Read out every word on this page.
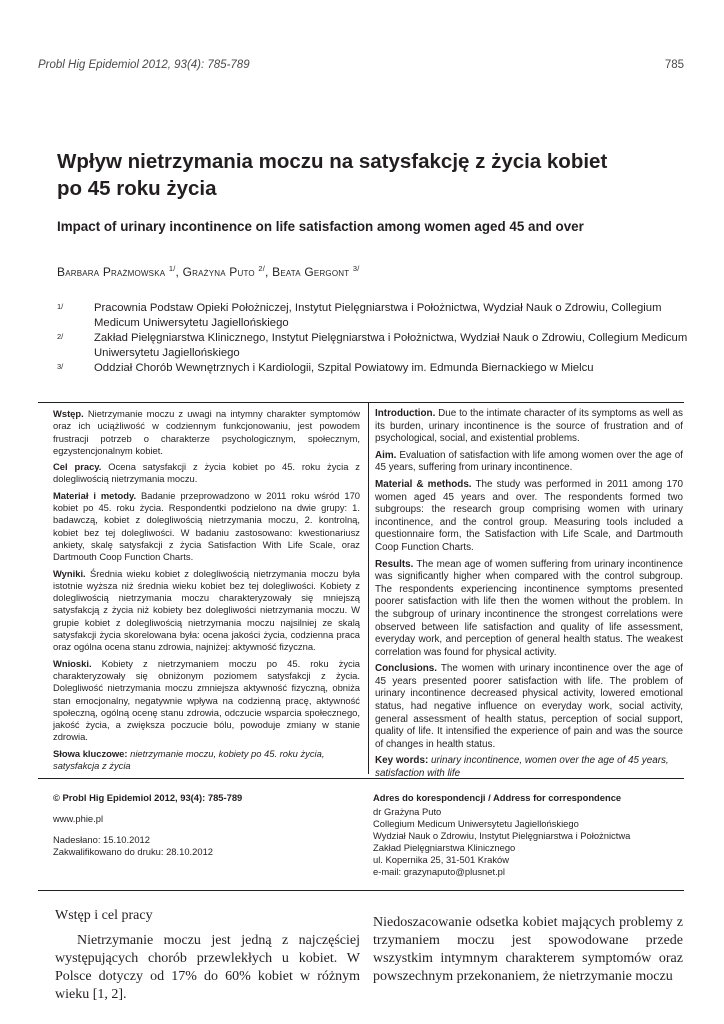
Probl Hig Epidemiol 2012, 93(4): 785-789	785
Wpływ nietrzymania moczu na satysfakcję z życia kobiet
po 45 roku życia
Impact of urinary incontinence on life satisfaction among women aged 45 and over
Barbara Prażmowska $^{1/}$, Grażyna Puto $^{2/}$, Beata Gergont $^{3/}$
1/	Pracownia Podstaw Opieki Położniczej, Instytut Pielęgniarstwa i Położnictwa, Wydział Nauk o Zdrowiu, Collegium Medicum Uniwersytetu Jagiellońskiego
2/	Zakład Pielęgniarstwa Klinicznego, Instytut Pielęgniarstwa i Położnictwa, Wydział Nauk o Zdrowiu, Collegium Medicum Uniwersytetu Jagiellońskiego
3/	Oddział Chorób Wewnętrznych i Kardiologii, Szpital Powiatowy im. Edmunda Biernackiego w Mielcu

Wstęp. Nietrzymanie moczu z uwagi na intymny charakter symptomów oraz ich uciążliwość w codziennym funkcjonowaniu, jest powodem frustracji potrzeb o charakterze psychologicznym, społecznym, egzystencjonalnym kobiet.

Cel pracy. Ocena satysfakcji z życia kobiet po 45. roku życia z dolegliwością nietrzymania moczu.

Materiał i metody. Badanie przeprowadzono w 2011 roku wśród 170 kobiet po 45. roku życia. Respondentki podzielono na dwie grupy: 1. badawczą, kobiet z dolegliwością nietrzymania moczu, 2. kontrolną, kobiet bez tej dolegliwości. W badaniu zastosowano: kwestionariusz ankiety, skalę satysfakcji z życia Satisfaction With Life Scale, oraz Dartmouth Coop Function Charts.

Wyniki. Średnia wieku kobiet z dolegliwością nietrzymania moczu była istotnie wyższa niż średnia wieku kobiet bez tej dolegliwości. Kobiety z dolegliwością nietrzymania moczu charakteryzowały się mniejszą satysfakcją z życia niż kobiety bez dolegliwości nietrzymania moczu. W grupie kobiet z dolegliwością nietrzymania moczu najsilniej ze skalą satysfakcji życia skorelowana była: ocena jakości życia, codzienna praca oraz ogólna ocena stanu zdrowia, najniżej: aktywność fizyczna.

Wnioski. Kobiety z nietrzymaniem moczu po 45. roku życia charakteryzowały się obniżonym poziomem satysfakcji z życia. Dolegliwość nietrzymania moczu zmniejsza aktywność fizyczną, obniża stan emocjonalny, negatywnie wpływa na codzienną pracę, aktywność społeczną, ogólną ocenę stanu zdrowia, odczucie wsparcia społecznego, jakość życia, a zwiększa poczucie bólu, powoduje zmiany w stanie zdrowia.

Słowa kluczowe: nietrzymanie moczu, kobiety po 45. roku życia, satysfakcja z życia

Introduction. Due to the intimate character of its symptoms as well as its burden, urinary incontinence is the source of frustration and of psychological, social, and existential problems.

Aim. Evaluation of satisfaction with life among women over the age of 45 years, suffering from urinary incontinence.

Material & methods. The study was performed in 2011 among 170 women aged 45 years and over. The respondents formed two subgroups: the research group comprising women with urinary incontinence, and the control group. Measuring tools included a questionnaire form, the Satisfaction with Life Scale, and Dartmouth Coop Function Charts.

Results. The mean age of women suffering from urinary incontinence was significantly higher when compared with the control subgroup. The respondents experiencing incontinence symptoms presented poorer satisfaction with life then the women without the problem. In the subgroup of urinary incontinence the strongest correlations were observed between life satisfaction and quality of life assessment, everyday work, and perception of general health status. The weakest correlation was found for physical activity.

Conclusions. The women with urinary incontinence over the age of 45 years presented poorer satisfaction with life. The problem of urinary incontinence decreased physical activity, lowered emotional status, had negative influence on everyday work, social activity, general assessment of health status, perception of social support, quality of life. It intensified the experience of pain and was the source of changes in health status.

Key words: urinary incontinence, women over the age of 45 years, satisfaction with life

© Probl Hig Epidemiol 2012, 93(4): 785-789
www.phie.pl
Nadesłano: 15.10.2012
Zakwalifikowano do druku: 28.10.2012
Adres do korespondencji / Address for correspondence
dr Grażyna Puto
Collegium Medicum Uniwersytetu Jagiellońskiego
Wydział Nauk o Zdrowiu, Instytut Pielęgniarstwa i Położnictwa
Zakład Pielęgniarstwa Klinicznego
ul. Kopernika 25, 31-501 Kraków
e-mail: grazynaputo@plusnet.pl
Wstęp i cel pracy
Nietrzymanie moczu jest jedną z najczęściej występujących chorób przewlekłych u kobiet. W Polsce dotyczy od 17% do 60% kobiet w różnym wieku [1, 2].
Niedoszacowanie odsetka kobiet mających problemy z trzymaniem moczu jest spowodowane przede wszystkim intymnym charakterem symptomów oraz powszechnym przekonaniem, że nietrzymanie moczu
